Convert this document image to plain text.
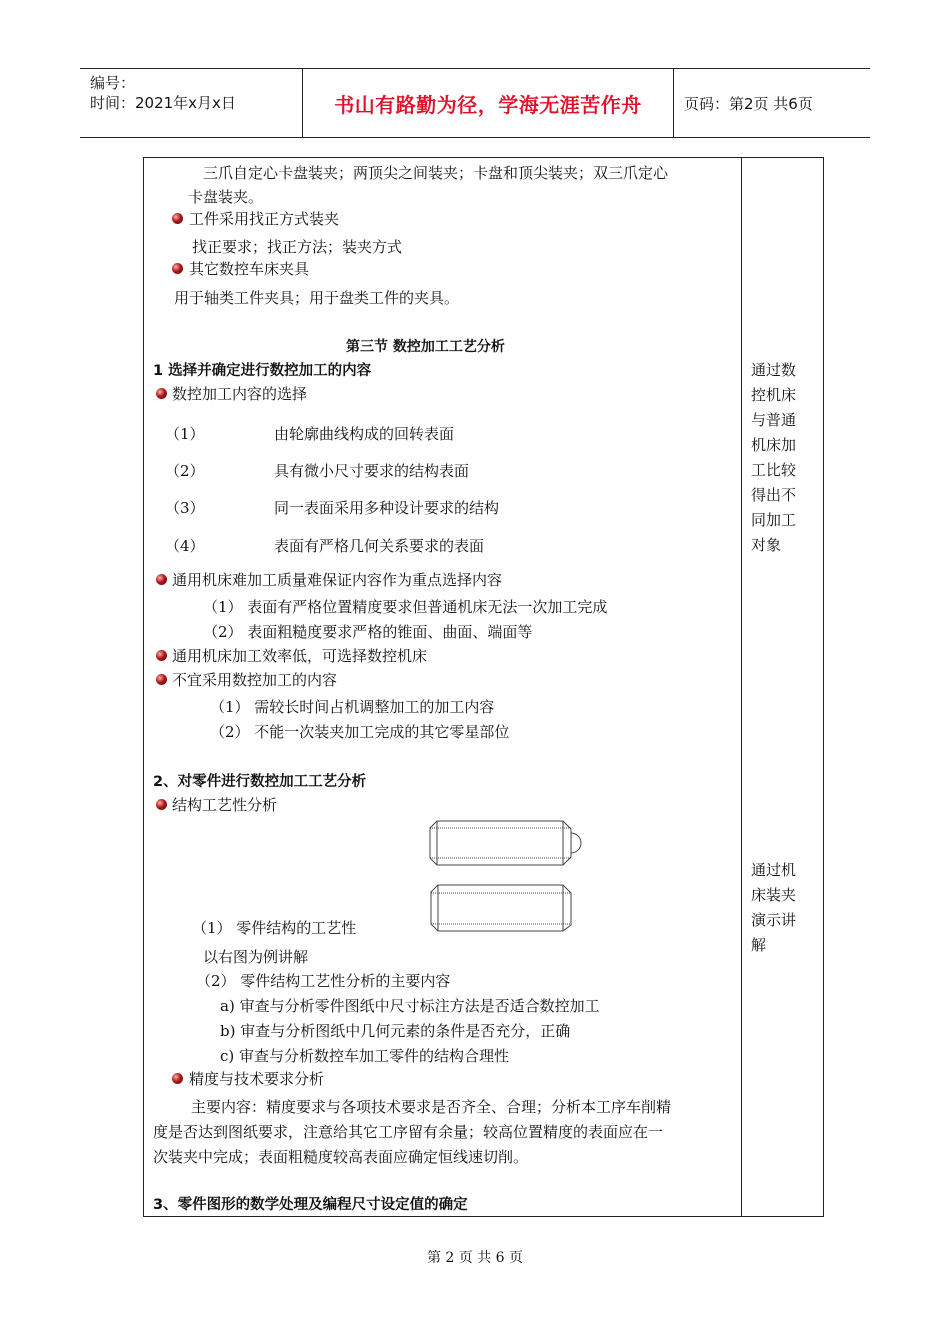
编号：
时间：2021年x月x日	书山有路勤为径，学海无涯苦作舟	页码：第2页 共6页
三爪自定心卡盘装夹；两顶尖之间装夹；卡盘和顶尖装夹；双三爪定心
卡盘装夹。
工件采用找正方式装夹
找正要求；找正方法；装夹方式
其它数控车床夹具
用于轴类工件夹具；用于盘类工件的夹具。
第三节 数控加工工艺分析
1 选择并确定进行数控加工的内容
数控加工内容的选择
（1）	由轮廓曲线构成的回转表面
（2）	具有微小尺寸要求的结构表面
（3）	同一表面采用多种设计要求的结构
（4）	表面有严格几何关系要求的表面
通用机床难加工质量难保证内容作为重点选择内容
（1） 表面有严格位置精度要求但普通机床无法一次加工完成
（2） 表面粗糙度要求严格的锥面、曲面、端面等
通用机床加工效率低，可选择数控机床
不宜采用数控加工的内容
（1） 需较长时间占机调整加工的加工内容
（2） 不能一次装夹加工完成的其它零星部位
2、对零件进行数控加工工艺分析
结构工艺性分析
（1） 零件结构的工艺性
以右图为例讲解
（2） 零件结构工艺性分析的主要内容
a) 审查与分析零件图纸中尺寸标注方法是否适合数控加工
b) 审查与分析图纸中几何元素的条件是否充分，正确
c) 审查与分析数控车加工零件的结构合理性
精度与技术要求分析
主要内容：精度要求与各项技术要求是否齐全、合理；分析本工序车削精
度是否达到图纸要求，注意给其它工序留有余量；较高位置精度的表面应在一
次装夹中完成；表面粗糙度较高表面应确定恒线速切削。
3、零件图形的数学处理及编程尺寸设定值的确定
通过数控机床与普通机床加工比较得出不同加工对象
通过机床装夹演示讲解
第 2 页 共 6 页
